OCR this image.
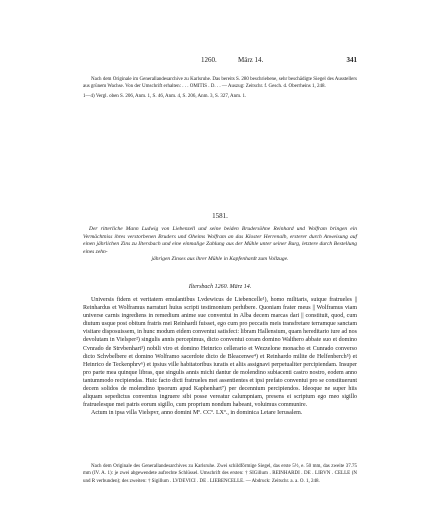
1260.	März 14.	341

Nach dem Originale im Generallandesarchive zu Karlsruhe. Das bereits S. 280 beschriebene, sehr beschädigte Siegel des Ausstellers aus grünem Wachse. Von der Umschrift erhalten: . . . OMITIS . D. . . — Auszug: Zeitschr. f. Gesch. d. Oberrheins 1, 248.

1—4) Vergl. oben S. 206, Anm. 1, S. 46, Anm. 4, S. 206, Anm. 3, S. 327, Anm. 1.

1581.

Der ritterliche Mann Ludwig von Liebenzell und seine beiden Brudersöhne Reinhard und Wolfram bringen ein Vermächtniss ihres verstorbenen Bruders und Oheims Wolfram an das Kloster Herrenalb, ersterer durch Anweisung auf einen jährlichen Zins zu Iltersbach und eine einmalige Zahlung aus der Mühle unter seiner Burg, letztere durch Bestellung eines zehn-

jährigen Zinses aus ihrer Mühle in Kapfenhardt zum Vollzuge.

Iltersbach 1260. März 14.

Universis fidem et veritatem emulantibus Lvdewicus de Liebencelle¹), homo militaris, suique fratrueles || Reinhardus et Wolframus narraturi huius scripti testimonium perhibere. Quoniam frater meus || Wolframus viam universe carnis ingrediens in remedium anime sue conventui in Alba decem marcas dari || constituit, quod, cum diutum usque post obitum fratris mei Reinhardi fuisset, ego cum pro peccatis meis transfretare terramque sanctam visitare disposuissem, in hunc modum eidem conventui satisfeci: libram Hallensium, quam hereditario iure ad nos devolutam in Vielsper²) singulis annis percepimus, dicto conventui coram domino Walthero abbate suo et domino Cvnrado de Strvbenhart³) nobili viro et domino Heinrico cellerario et Wezzelone monacho et Cunrado converso dicto Schvbelbere et domino Wolframo sacerdote dicto de Bleacenwe⁴) et Reinhardo milite de Helfenberch⁵) et Heinrico de Teckenphrv⁶) et ipsius ville habitatoribus iuratis et aliis assignavi perpetualiter percipiendam. Insuper pro parte mea quinque libras, que singulis annis michi dantur de molendino subiacenti castro nostro, eodem anno tantummodo recipiendas. Huic facto dicti fratrueles mei assentientes et ipsi prefato conventui pro se constituerunt decem solidos de molendino ipsorum apud Kaphenhart⁷) per decennium percipiendos. Ideoque ne super hiis aliquam sepedictus conventus ingruere sibi posse vereatur calumpniam, presens ei scriptum ego meo sigillo fratruelesque mei patris eorum sigillo, cum proprium nondum habeant, voluimus communire.

Actum in ipsa villa Vielspvr, anno domini Mº. CCº. LXº., in dominica Letare Ierusalem.

Nach dem Originale des Generallandesarchives zu Karlsruhe. Zwei schildförmige Siegel, das erste 5½, e. 50 mm, das zweite 37.75 mm (IV. A. 1): je zwei abgewendete aufrechte Schlüssel. Umschrift des ersten: † SIGillum . REINHARDI . DE . LIBVN . CELLE (N und R verbunden); des zweiten: † Sigillum . LVDEVICI . DE . LIEBENCELLE. — Abdruck: Zeitschr. a. a. O. 1, 248.
